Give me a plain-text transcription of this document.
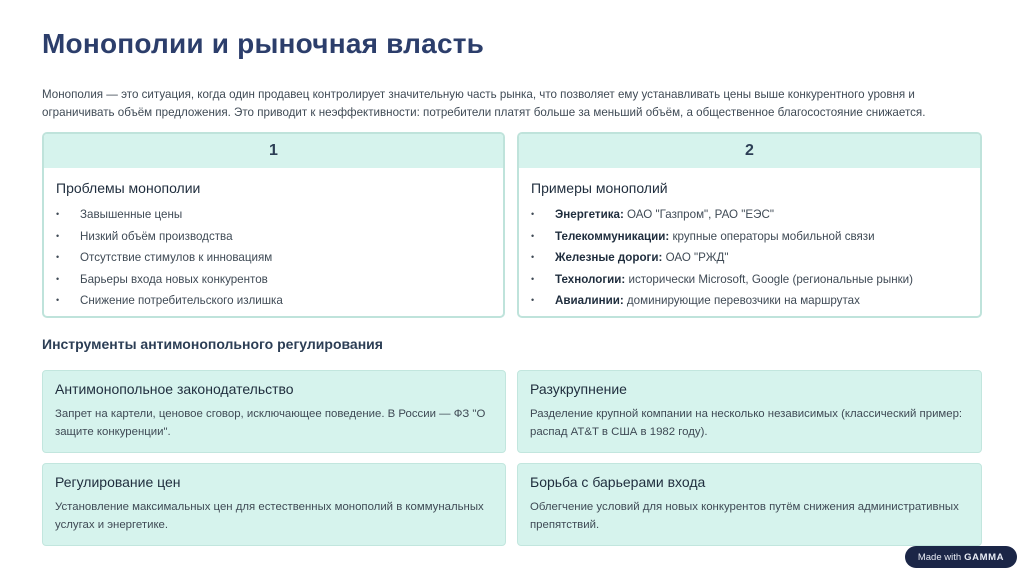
Монополии и рыночная власть
Монополия — это ситуация, когда один продавец контролирует значительную часть рынка, что позволяет ему устанавливать цены выше конкурентного уровня и ограничивать объём предложения. Это приводит к неэффективности: потребители платят больше за меньший объём, а общественное благосостояние снижается.
1
Проблемы монополии
• Завышенные цены
• Низкий объём производства
• Отсутствие стимулов к инновациям
• Барьеры входа новых конкурентов
• Снижение потребительского излишка
2
Примеры монополий
• Энергетика: ОАО "Газпром", РАО "ЕЭС"
• Телекоммуникации: крупные операторы мобильной связи
• Железные дороги: ОАО "РЖД"
• Технологии: исторически Microsoft, Google (региональные рынки)
• Авиалинии: доминирующие перевозчики на маршрутах
Инструменты антимонопольного регулирования
Антимонопольное законодательство
Запрет на картели, ценовое сговор, исключающее поведение. В России — ФЗ "О защите конкуренции".
Разукрупнение
Разделение крупной компании на несколько независимых (классический пример: распад AT&T в США в 1982 году).
Регулирование цен
Установление максимальных цен для естественных монополий в коммунальных услугах и энергетике.
Борьба с барьерами входа
Облегчение условий для новых конкурентов путём снижения административных препятствий.
Made with GAMMA
